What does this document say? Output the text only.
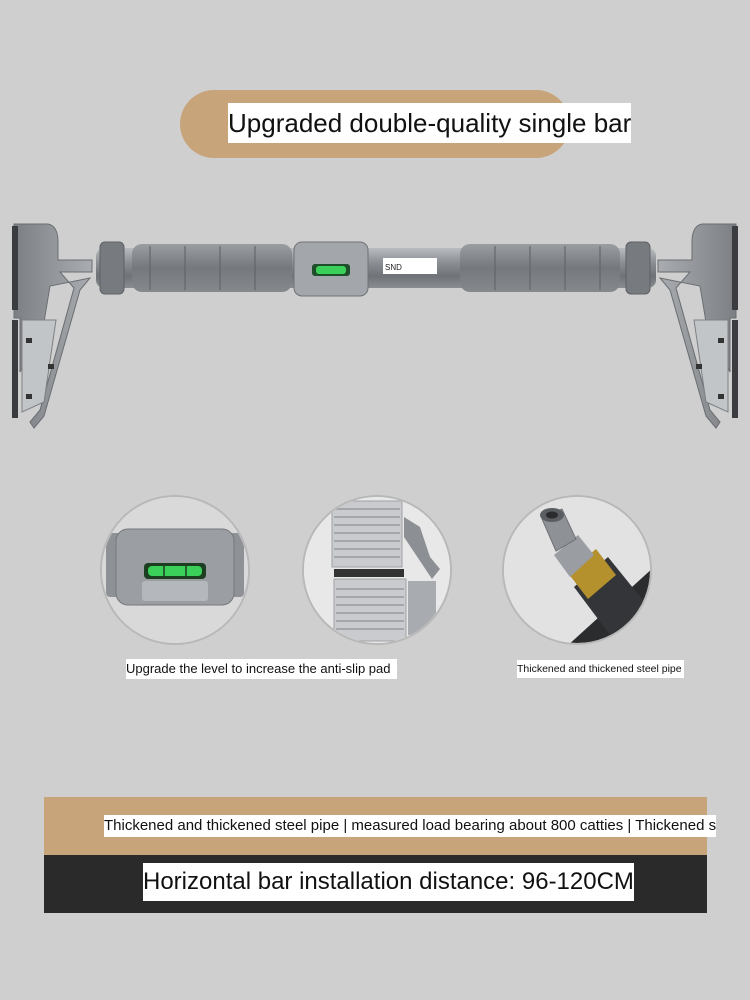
Upgraded double-quality single bar
SND
Upgrade the level to increase the anti-slip pad	Thickened and thickened steel pipe
Thickened and thickened steel pipe | measured load bearing about 800 catties | Thickened s
Horizontal bar installation distance: 96-120CM
